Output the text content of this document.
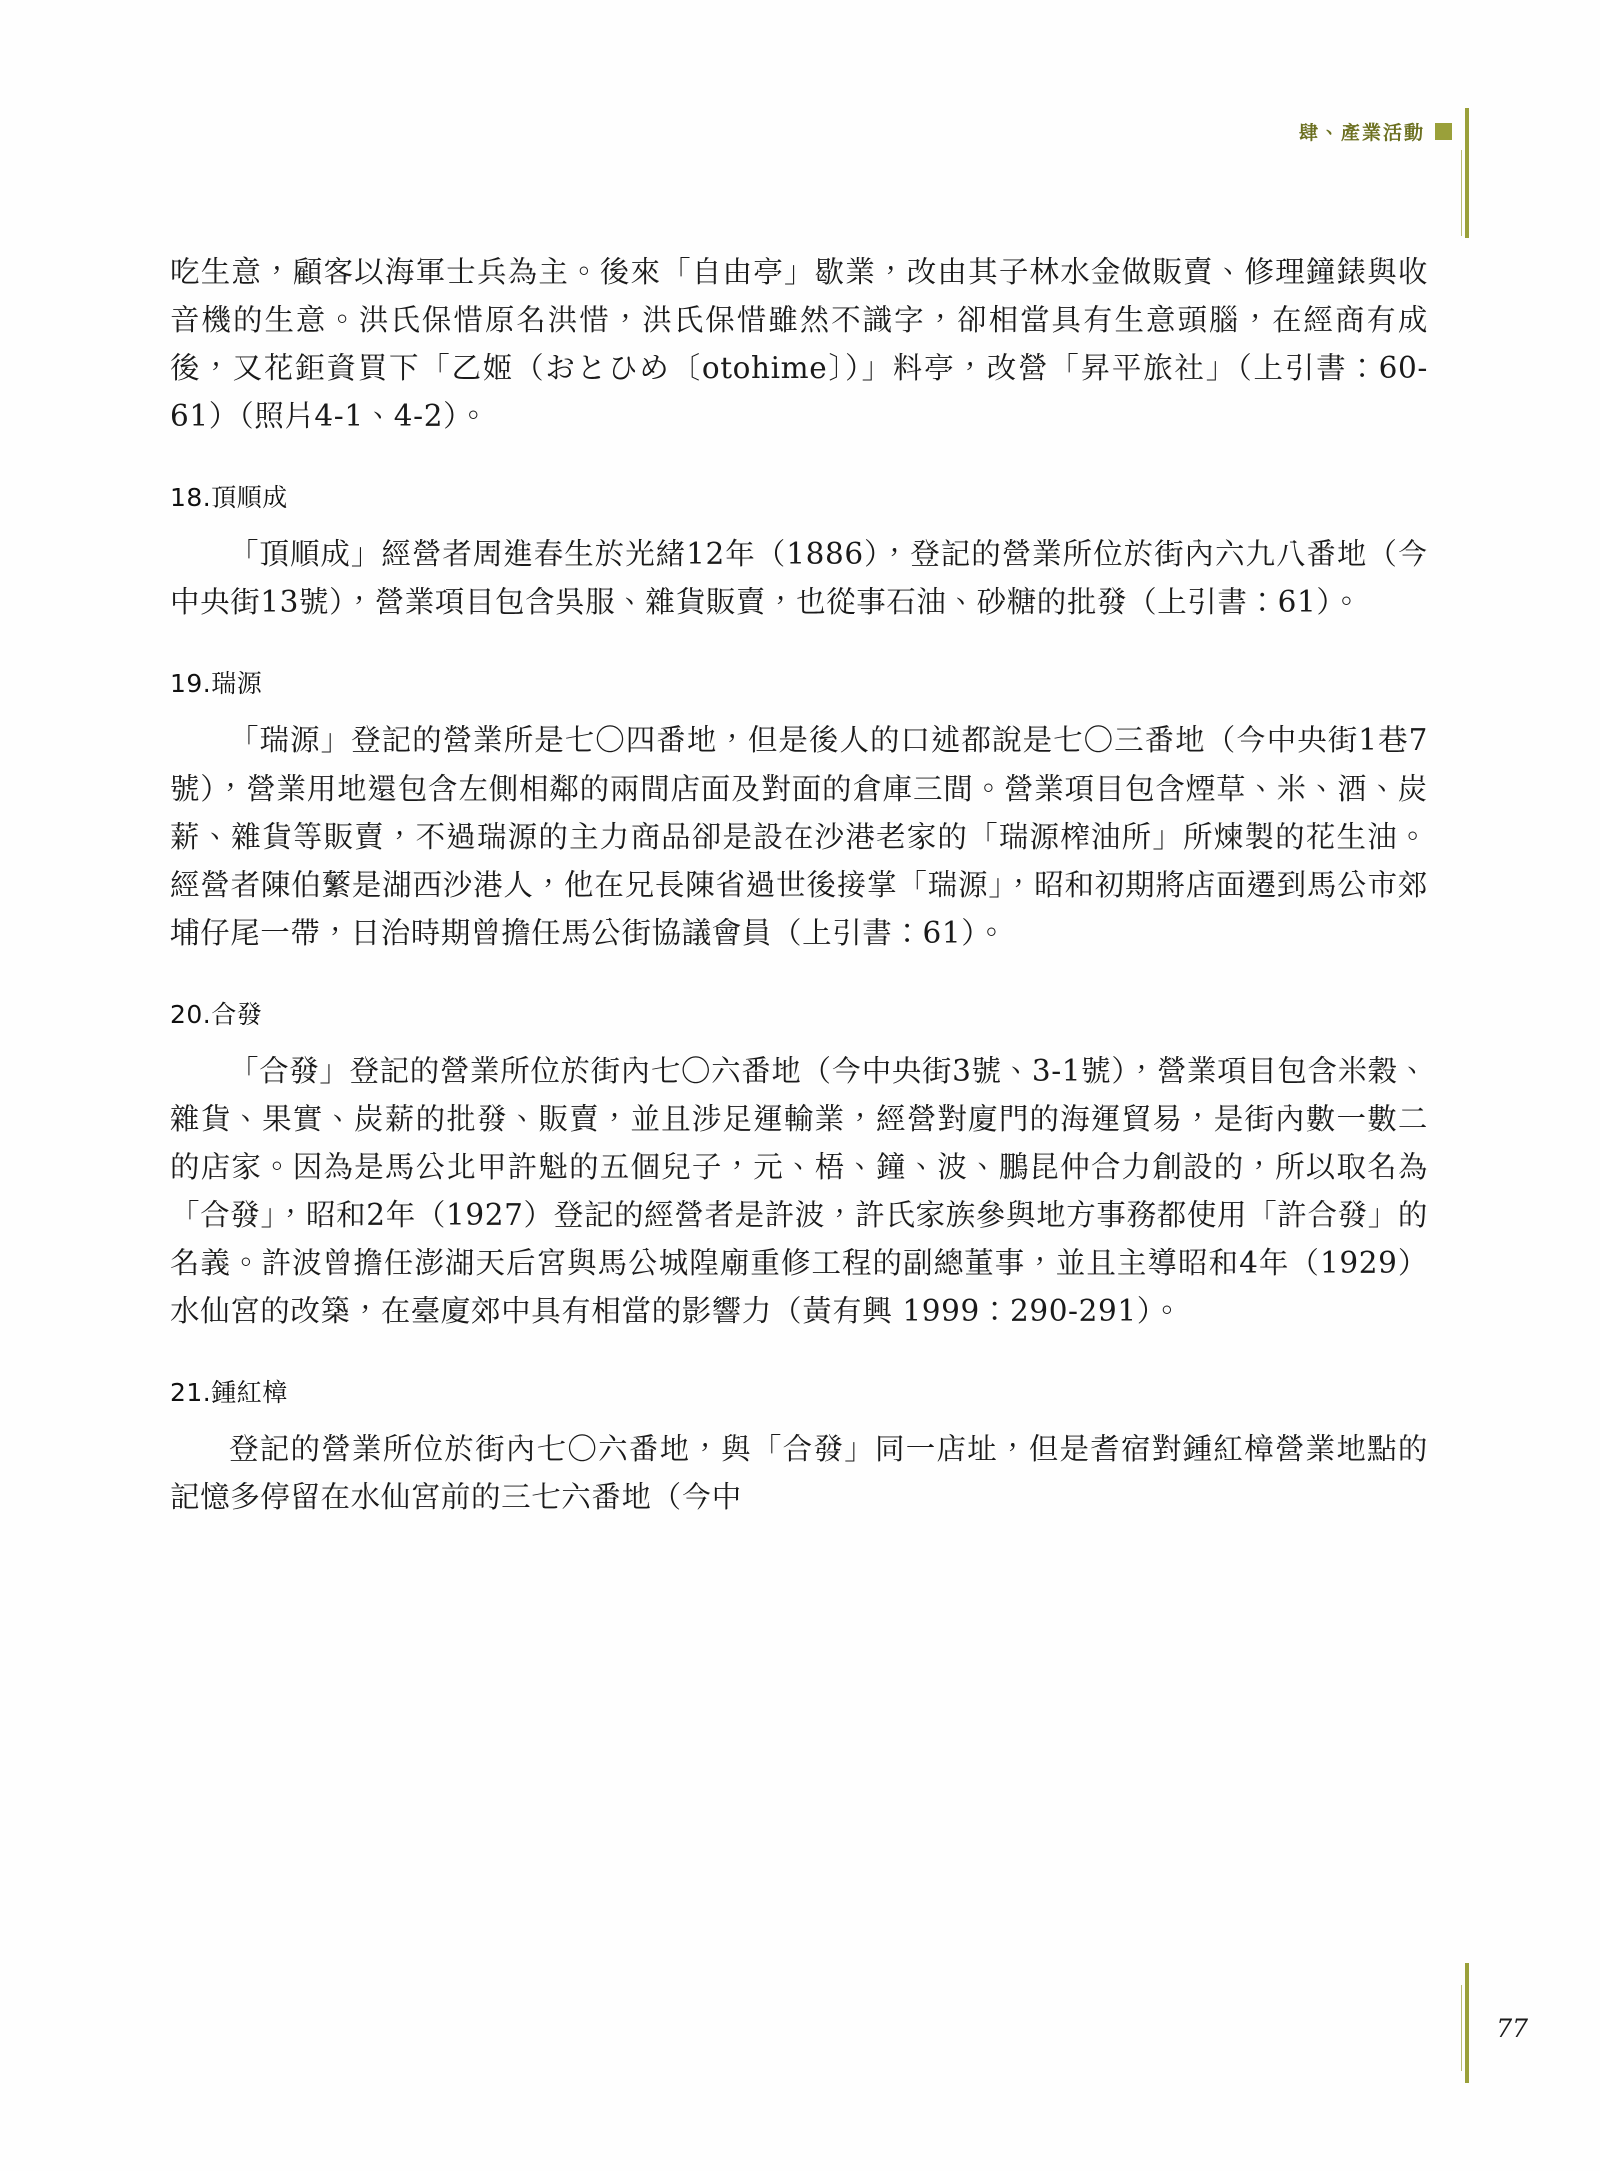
肆、產業活動

吃生意，顧客以海軍士兵為主。後來「自由亭」歇業，改由其子林水金做販賣、修理鐘錶與收音機的生意。洪氏保惜原名洪惜，洪氏保惜雖然不識字，卻相當具有生意頭腦，在經商有成後，又花鉅資買下「乙姬（おとひめ〔otohime〕）」料亭，改營「昇平旅社」（上引書：60-61）（照片4-1、4-2）。

18.頂順成

「頂順成」經營者周進春生於光緒12年（1886），登記的營業所位於街內六九八番地（今中央街13號），營業項目包含吳服、雜貨販賣，也從事石油、砂糖的批發（上引書：61）。

19.瑞源

「瑞源」登記的營業所是七〇四番地，但是後人的口述都說是七〇三番地（今中央街1巷7號），營業用地還包含左側相鄰的兩間店面及對面的倉庫三間。營業項目包含煙草、米、酒、炭薪、雜貨等販賣，不過瑞源的主力商品卻是設在沙港老家的「瑞源榨油所」所煉製的花生油。經營者陳伯蘩是湖西沙港人，他在兄長陳省過世後接掌「瑞源」，昭和初期將店面遷到馬公市郊埔仔尾一帶，日治時期曾擔任馬公街協議會員（上引書：61）。

20.合發

「合發」登記的營業所位於街內七〇六番地（今中央街3號、3-1號），營業項目包含米穀、雜貨、果實、炭薪的批發、販賣，並且涉足運輸業，經營對廈門的海運貿易，是街內數一數二的店家。因為是馬公北甲許魁的五個兒子，元、梧、鐘、波、鵬昆仲合力創設的，所以取名為「合發」，昭和2年（1927）登記的經營者是許波，許氏家族參與地方事務都使用「許合發」的名義。許波曾擔任澎湖天后宮與馬公城隍廟重修工程的副總董事，並且主導昭和4年（1929）水仙宮的改築，在臺廈郊中具有相當的影響力（黃有興 1999：290-291）。

21.鍾紅樟

登記的營業所位於街內七〇六番地，與「合發」同一店址，但是耆宿對鍾紅樟營業地點的記憶多停留在水仙宮前的三七六番地（今中

77
